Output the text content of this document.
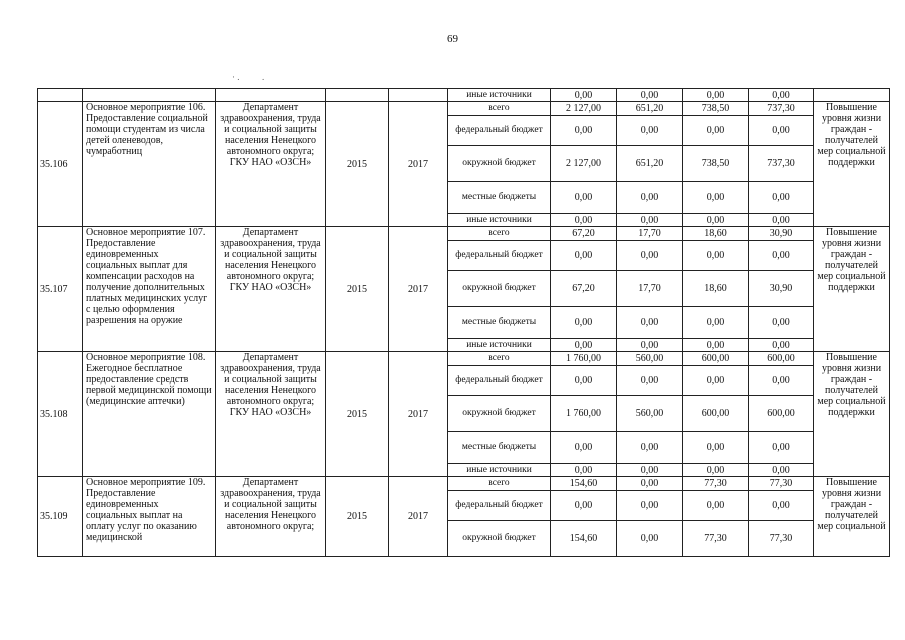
69
· .	.
					иные источники	0,00	0,00	0,00	0,00	
35.106	Основное мероприятие 106. Предоставление социальной помощи студентам из числа детей оленеводов, чумработниц	Департамент здравоохранения, труда и социальной защиты населения Ненецкого автономного округа; ГКУ НАО «ОЗСН»	2015	2017	всего	2 127,00	651,20	738,50	737,30	Повышение уровня жизни граждан - получателей мер социальной поддержки
					федеральный бюджет	0,00	0,00	0,00	0,00	
					окружной бюджет	2 127,00	651,20	738,50	737,30	
					местные бюджеты	0,00	0,00	0,00	0,00	
					иные источники	0,00	0,00	0,00	0,00	
35.107	Основное мероприятие 107. Предоставление единовременных социальных выплат для компенсации расходов на получение дополнительных платных медицинских услуг с целью оформления разрешения на оружие	Департамент здравоохранения, труда и социальной защиты населения Ненецкого автономного округа; ГКУ НАО «ОЗСН»	2015	2017	всего	67,20	17,70	18,60	30,90	Повышение уровня жизни граждан - получателей мер социальной поддержки
					федеральный бюджет	0,00	0,00	0,00	0,00	
					окружной бюджет	67,20	17,70	18,60	30,90	
					местные бюджеты	0,00	0,00	0,00	0,00	
					иные источники	0,00	0,00	0,00	0,00	
35.108	Основное мероприятие 108. Ежегодное бесплатное предоставление средств первой медицинской помощи (медицинские аптечки)	Департамент здравоохранения, труда и социальной защиты населения Ненецкого автономного округа; ГКУ НАО «ОЗСН»	2015	2017	всего	1 760,00	560,00	600,00	600,00	Повышение уровня жизни граждан - получателей мер социальной поддержки
					федеральный бюджет	0,00	0,00	0,00	0,00	
					окружной бюджет	1 760,00	560,00	600,00	600,00	
					местные бюджеты	0,00	0,00	0,00	0,00	
					иные источники	0,00	0,00	0,00	0,00	
35.109	Основное мероприятие 109. Предоставление единовременных социальных выплат на оплату услуг по оказанию медицинской	Департамент здравоохранения, труда и социальной защиты населения Ненецкого автономного округа;	2015	2017	всего	154,60	0,00	77,30	77,30	Повышение уровня жизни граждан - получателей мер социальной
					федеральный бюджет	0,00	0,00	0,00	0,00	
					окружной бюджет	154,60	0,00	77,30	77,30	
